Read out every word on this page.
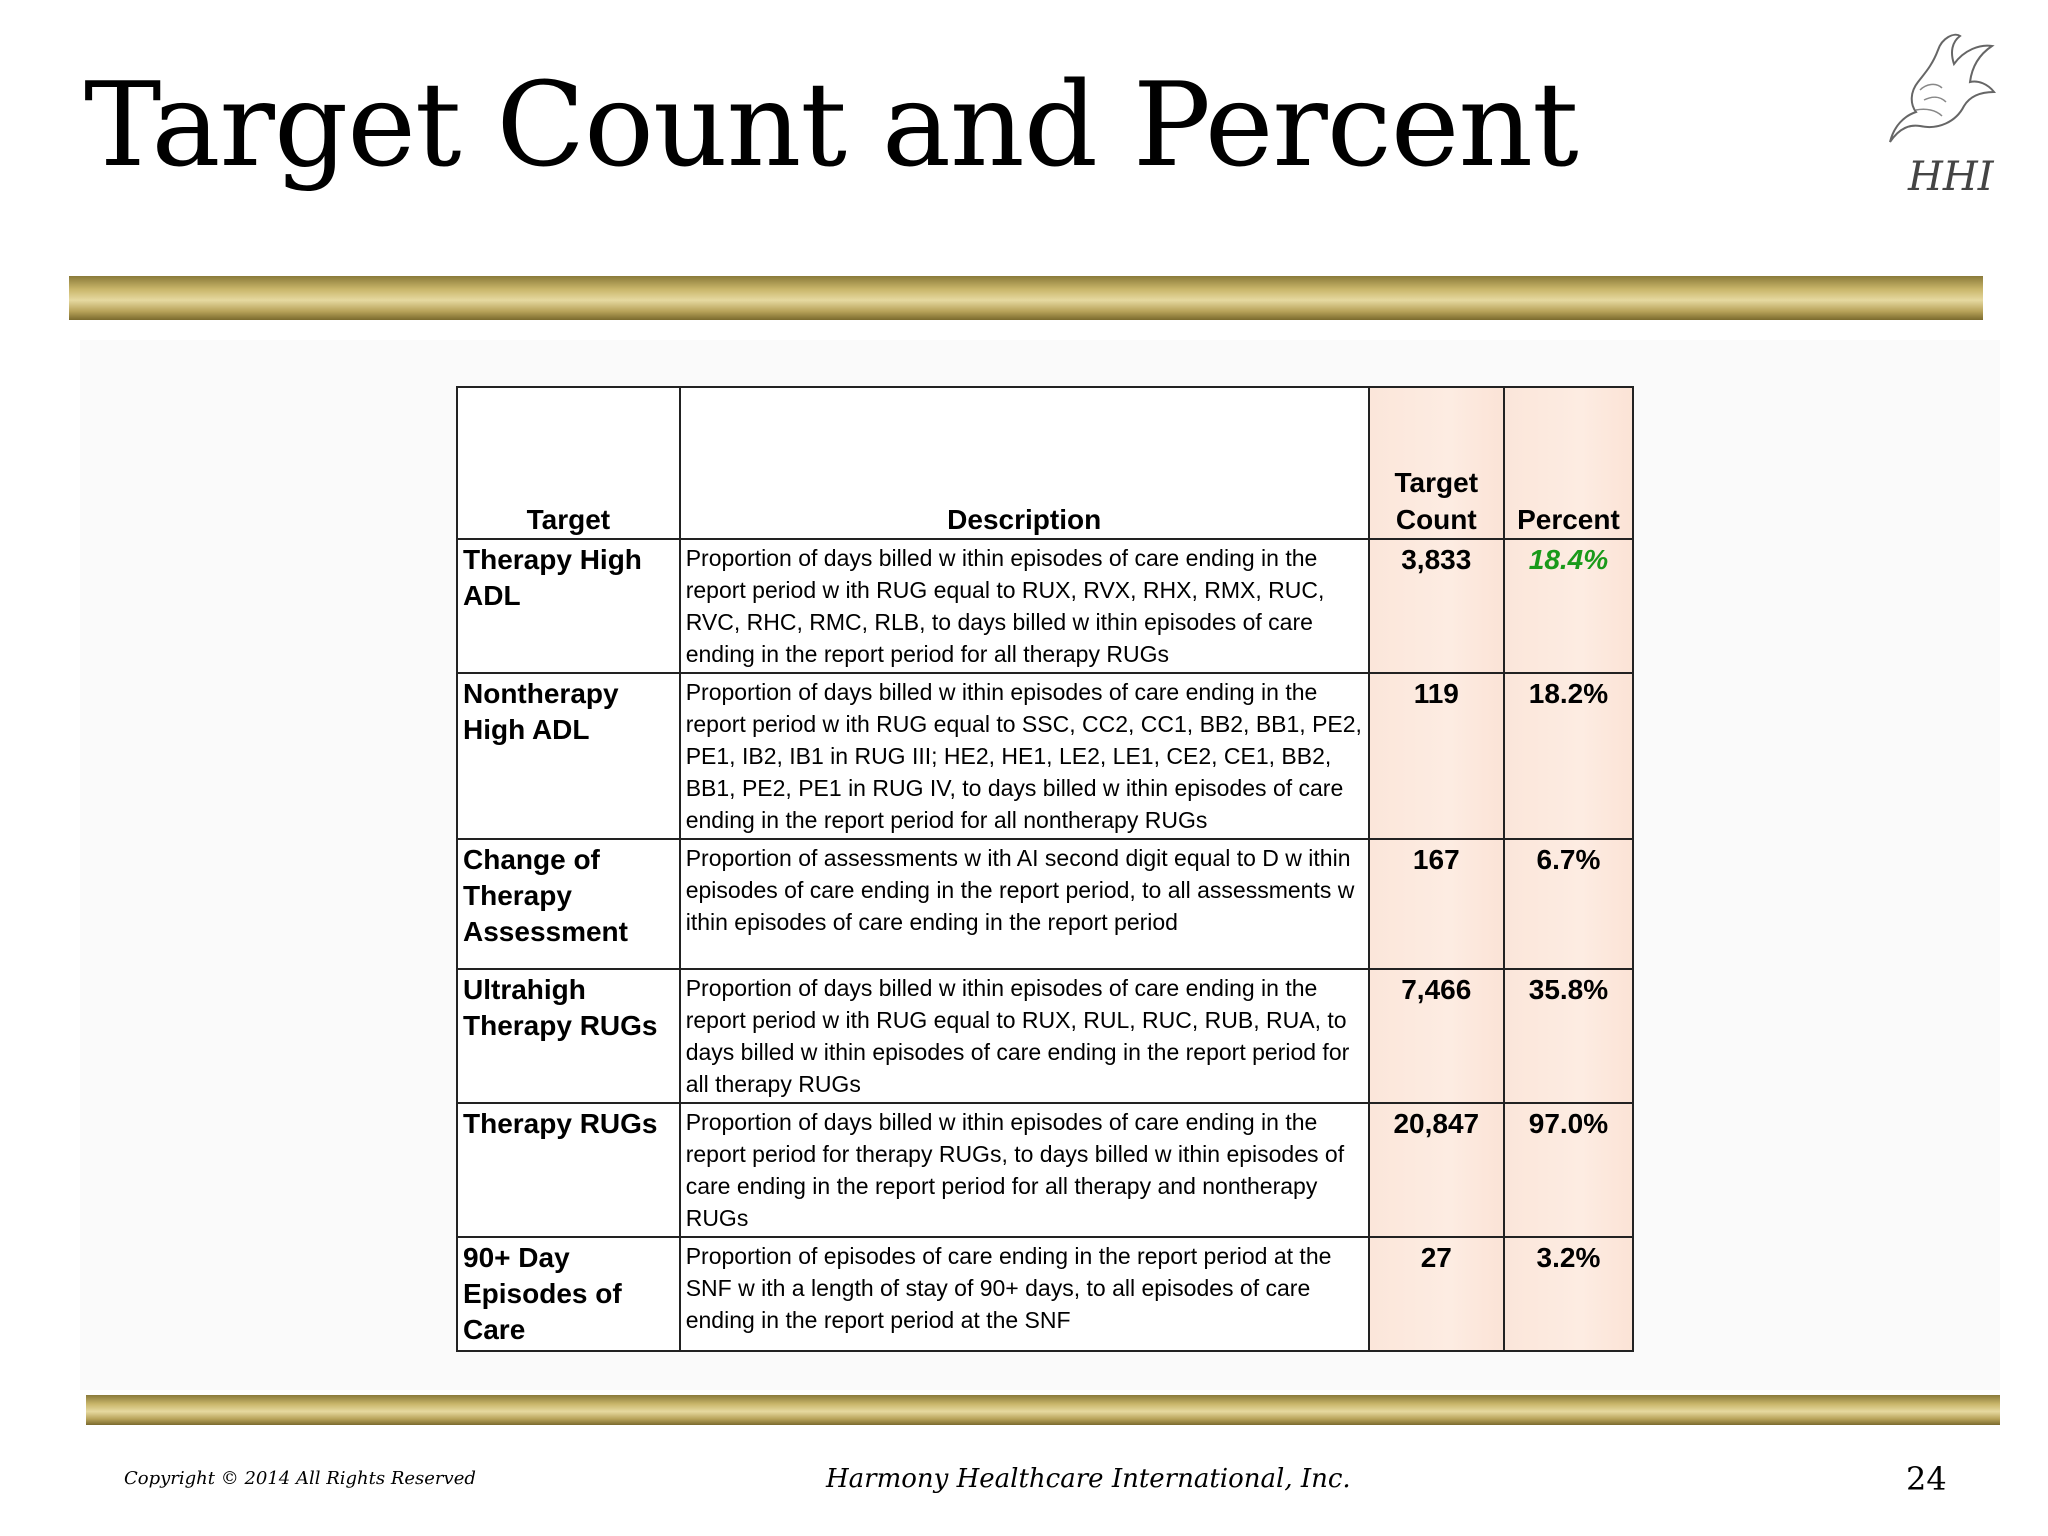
Target Count and Percent	HHI
Target	Description	Target Count	Percent
Therapy High ADL	Proportion of days billed w ithin episodes of care ending in the report period w ith RUG equal to RUX, RVX, RHX, RMX, RUC, RVC, RHC, RMC, RLB, to days billed w ithin episodes of care ending in the report period for all therapy RUGs	3,833	18.4%
Nontherapy High ADL	Proportion of days billed w ithin episodes of care ending in the report period w ith RUG equal to SSC, CC2, CC1, BB2, BB1, PE2, PE1, IB2, IB1 in RUG III; HE2, HE1, LE2, LE1, CE2, CE1, BB2, BB1, PE2, PE1 in RUG IV, to days billed w ithin episodes of care ending in the report period for all nontherapy RUGs	119	18.2%
Change of Therapy Assessment	Proportion of assessments w ith AI second digit equal to D w ithin episodes of care ending in the report period, to all assessments w ithin episodes of care ending in the report period	167	6.7%
Ultrahigh Therapy RUGs	Proportion of days billed w ithin episodes of care ending in the report period w ith RUG equal to RUX, RUL, RUC, RUB, RUA, to days billed w ithin episodes of care ending in the report period for all therapy RUGs	7,466	35.8%
Therapy RUGs	Proportion of days billed w ithin episodes of care ending in the report period for therapy RUGs, to days billed w ithin episodes of care ending in the report period for all therapy and nontherapy RUGs	20,847	97.0%
90+ Day Episodes of Care	Proportion of episodes of care ending in the report period at the SNF w ith a length of stay of 90+ days, to all episodes of care ending in the report period at the SNF	27	3.2%
Copyright © 2014 All Rights Reserved	Harmony Healthcare International, Inc.	24
